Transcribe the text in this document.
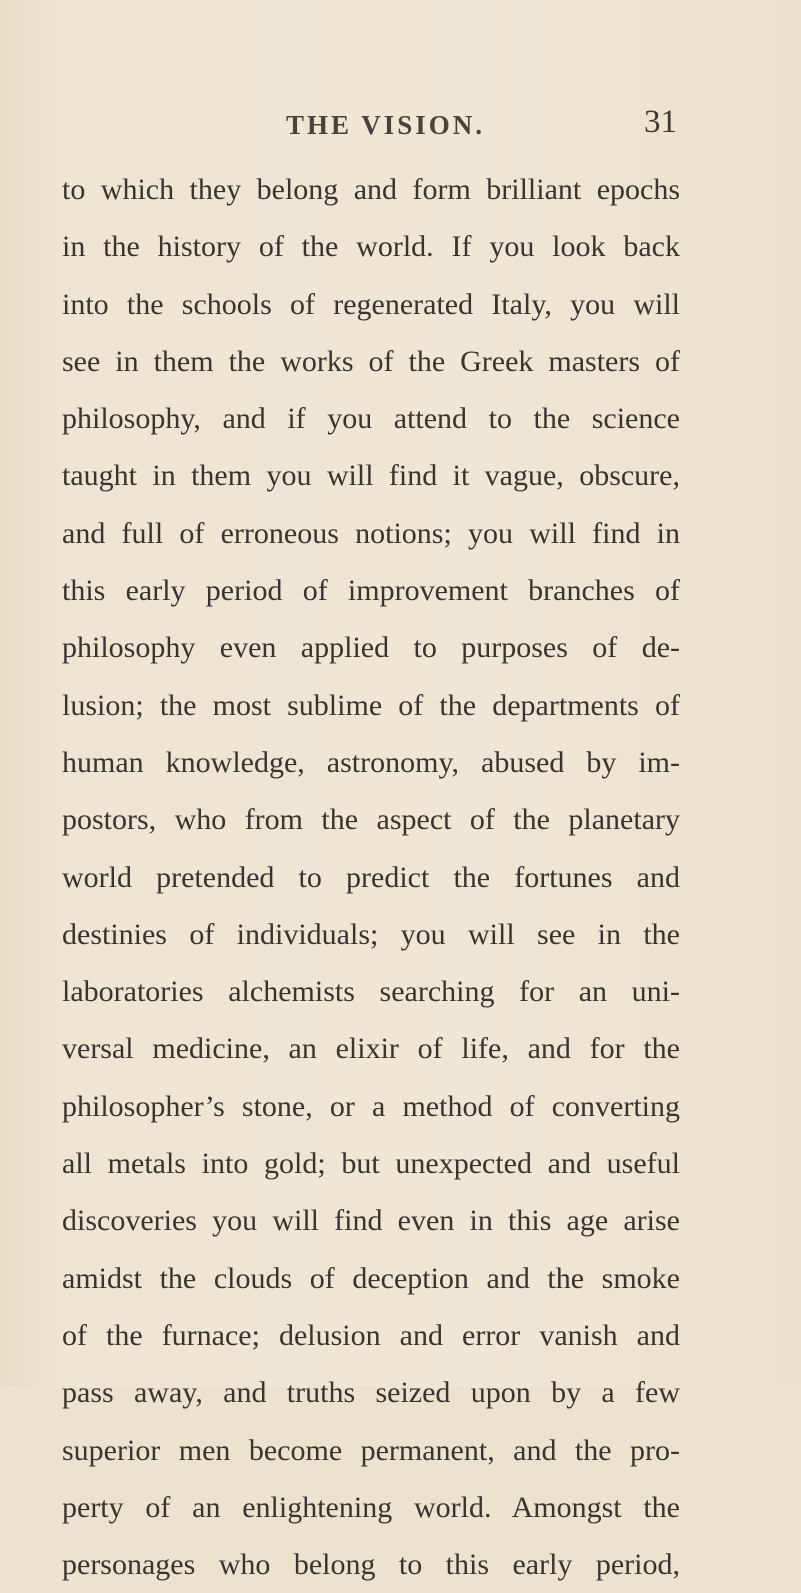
THE VISION.	31
to which they belong and form brilliant epochs
in the history of the world. If you look back
into the schools of regenerated Italy, you will
see in them the works of the Greek masters of
philosophy, and if you attend to the science
taught in them you will find it vague, obscure,
and full of erroneous notions; you will find in
this early period of improvement branches of
philosophy even applied to purposes of de-
lusion; the most sublime of the departments of
human knowledge, astronomy, abused by im-
postors, who from the aspect of the planetary
world pretended to predict the fortunes and
destinies of individuals; you will see in the
laboratories alchemists searching for an uni-
versal medicine, an elixir of life, and for the
philosopher’s stone, or a method of converting
all metals into gold; but unexpected and useful
discoveries you will find even in this age arise
amidst the clouds of deception and the smoke
of the furnace; delusion and error vanish and
pass away, and truths seized upon by a few
superior men become permanent, and the pro-
perty of an enlightening world. Amongst the
personages who belong to this early period,
